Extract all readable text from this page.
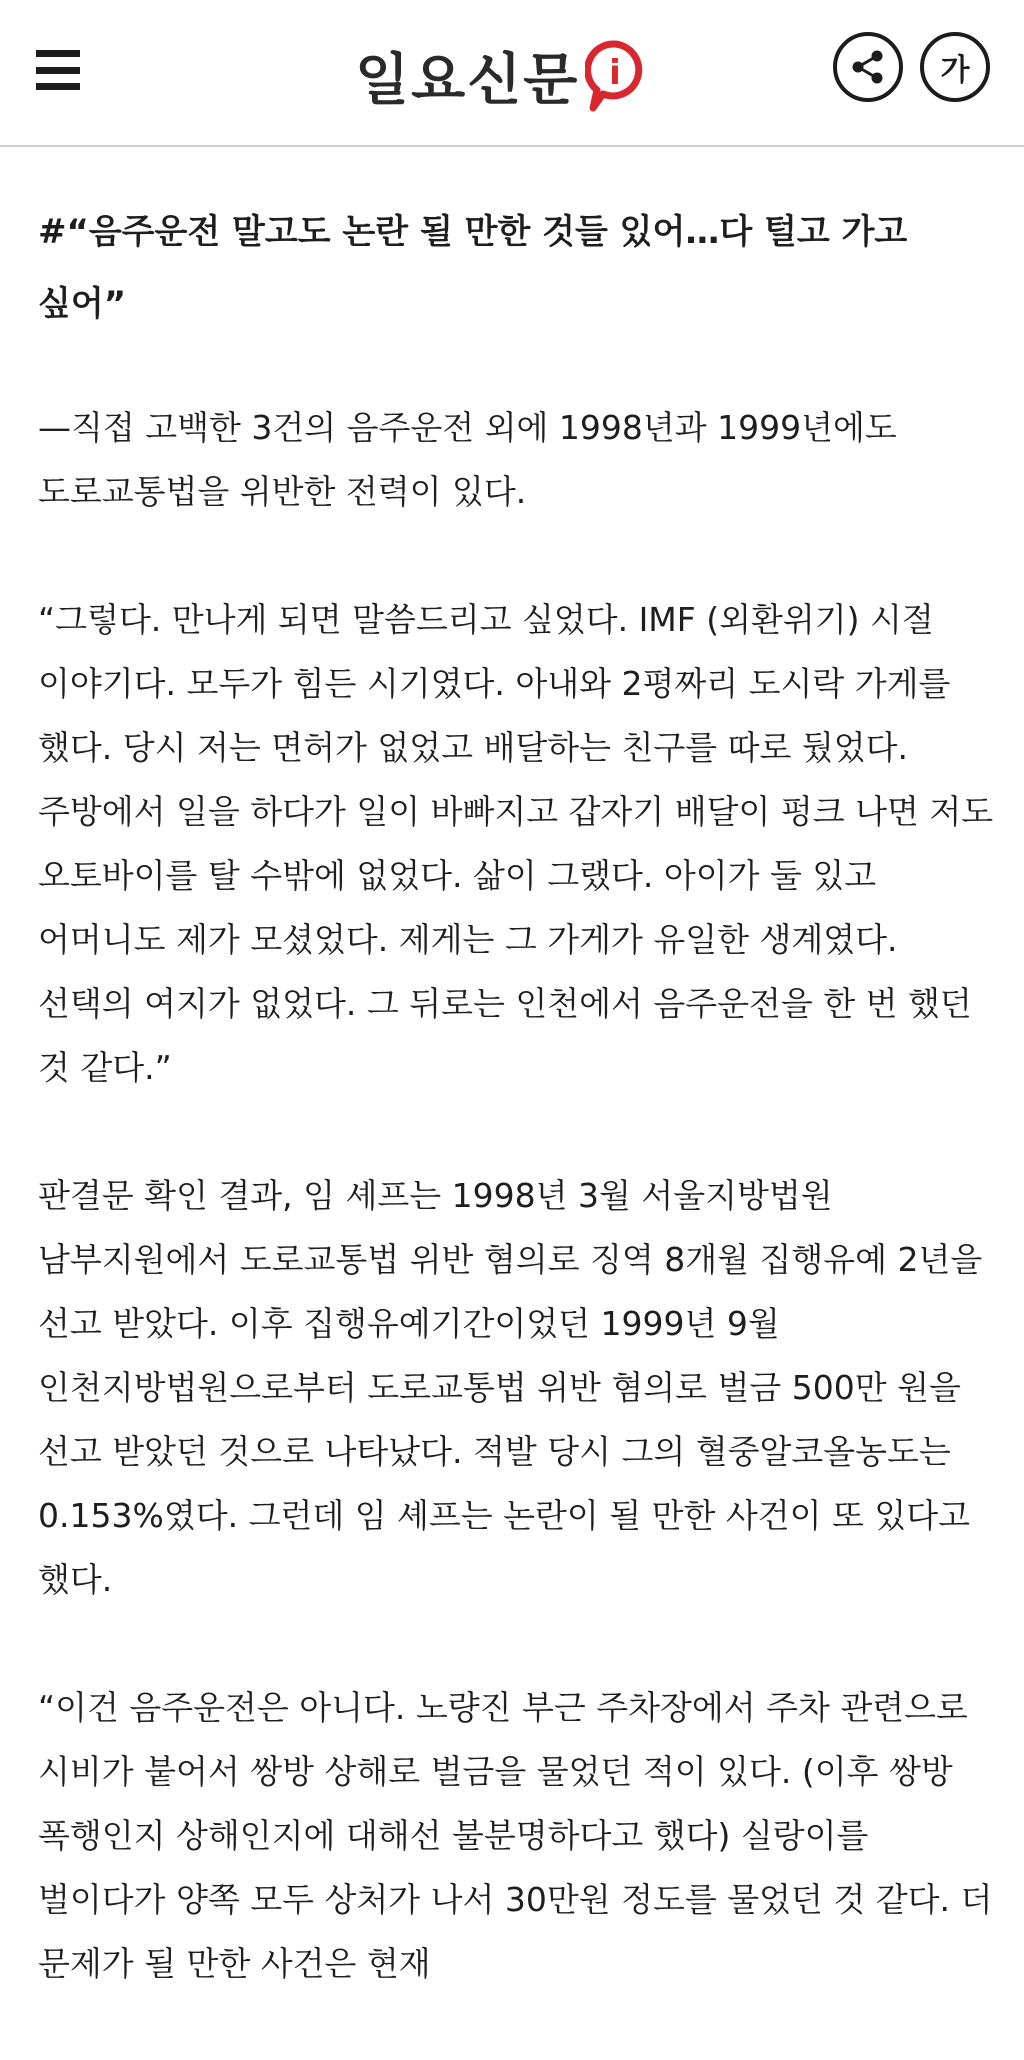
일요신문 i	가

#“음주운전 말고도 논란 될 만한 것들 있어…다 털고 가고 싶어”

—직접 고백한 3건의 음주운전 외에 1998년과 1999년에도 도로교통법을 위반한 전력이 있다.

“그렇다. 만나게 되면 말씀드리고 싶었다. IMF (외환위기) 시절 이야기다. 모두가 힘든 시기였다. 아내와 2평짜리 도시락 가게를 했다. 당시 저는 면허가 없었고 배달하는 친구를 따로 뒀었다. 주방에서 일을 하다가 일이 바빠지고 갑자기 배달이 펑크 나면 저도 오토바이를 탈 수밖에 없었다. 삶이 그랬다. 아이가 둘 있고 어머니도 제가 모셨었다. 제게는 그 가게가 유일한 생계였다. 선택의 여지가 없었다. 그 뒤로는 인천에서 음주운전을 한 번 했던 것 같다.”

판결문 확인 결과, 임 셰프는 1998년 3월 서울지방법원 남부지원에서 도로교통법 위반 혐의로 징역 8개월 집행유예 2년을 선고 받았다. 이후 집행유예기간이었던 1999년 9월 인천지방법원으로부터 도로교통법 위반 혐의로 벌금 500만 원을 선고 받았던 것으로 나타났다. 적발 당시 그의 혈중알코올농도는 0.153%였다. 그런데 임 셰프는 논란이 될 만한 사건이 또 있다고 했다.

“이건 음주운전은 아니다. 노량진 부근 주차장에서 주차 관련으로 시비가 붙어서 쌍방 상해로 벌금을 물었던 적이 있다. (이후 쌍방 폭행인지 상해인지에 대해선 불분명하다고 했다) 실랑이를 벌이다가 양쪽 모두 상처가 나서 30만원 정도를 물었던 것 같다. 더 문제가 될 만한 사건은 현재
